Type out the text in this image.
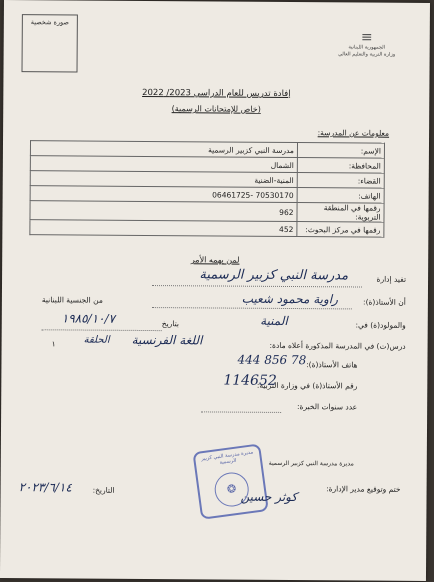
صورة شخصية
≡
الجمهورية اللبنانية
وزارة التربية والتعليم العالي
إفادة تدريس للعام الدراسي 2023/ 2022
(خاص للإمتحانات الرسمية)
معلومات عن المدرسة:
مدرسة النبي كزبير الرسمية	الإسم:
الشمال	المحافظة:
المنية-الضنية	القضاء:
70530170 -06461725	الهاتف:
962	رقمها في المنطقة التربوية:
452	رقمها في مركز البحوث:
لمن يهمه الأمر
تفيد إدارة
مدرسة النبي كزبير الرسمية
أن الأستاذ(ة):
راوية محمود شعيب
من الجنسية اللبنانية
والمولود(ة) في:
المنية
بتاريخ
١٩٨٥/١٠/٧
درس(ت) في المدرسة المذكورة أعلاه مادة:
اللغة الفرنسية
الحلقة
١
هاتف الأستاذ(ة):
78 856 444
رقم الأستاذ(ة) في وزارة التربية:
114652
عدد سنوات الخبرة:
مديرة مدرسة النبي كزبير الرسمية
❂
مديرة مدرسة النبي كزبير الرسمية
كوثر حسين
ختم وتوقيع مدير الإدارة:
التاريخ:
٢٠٢٣/٦/١٤
